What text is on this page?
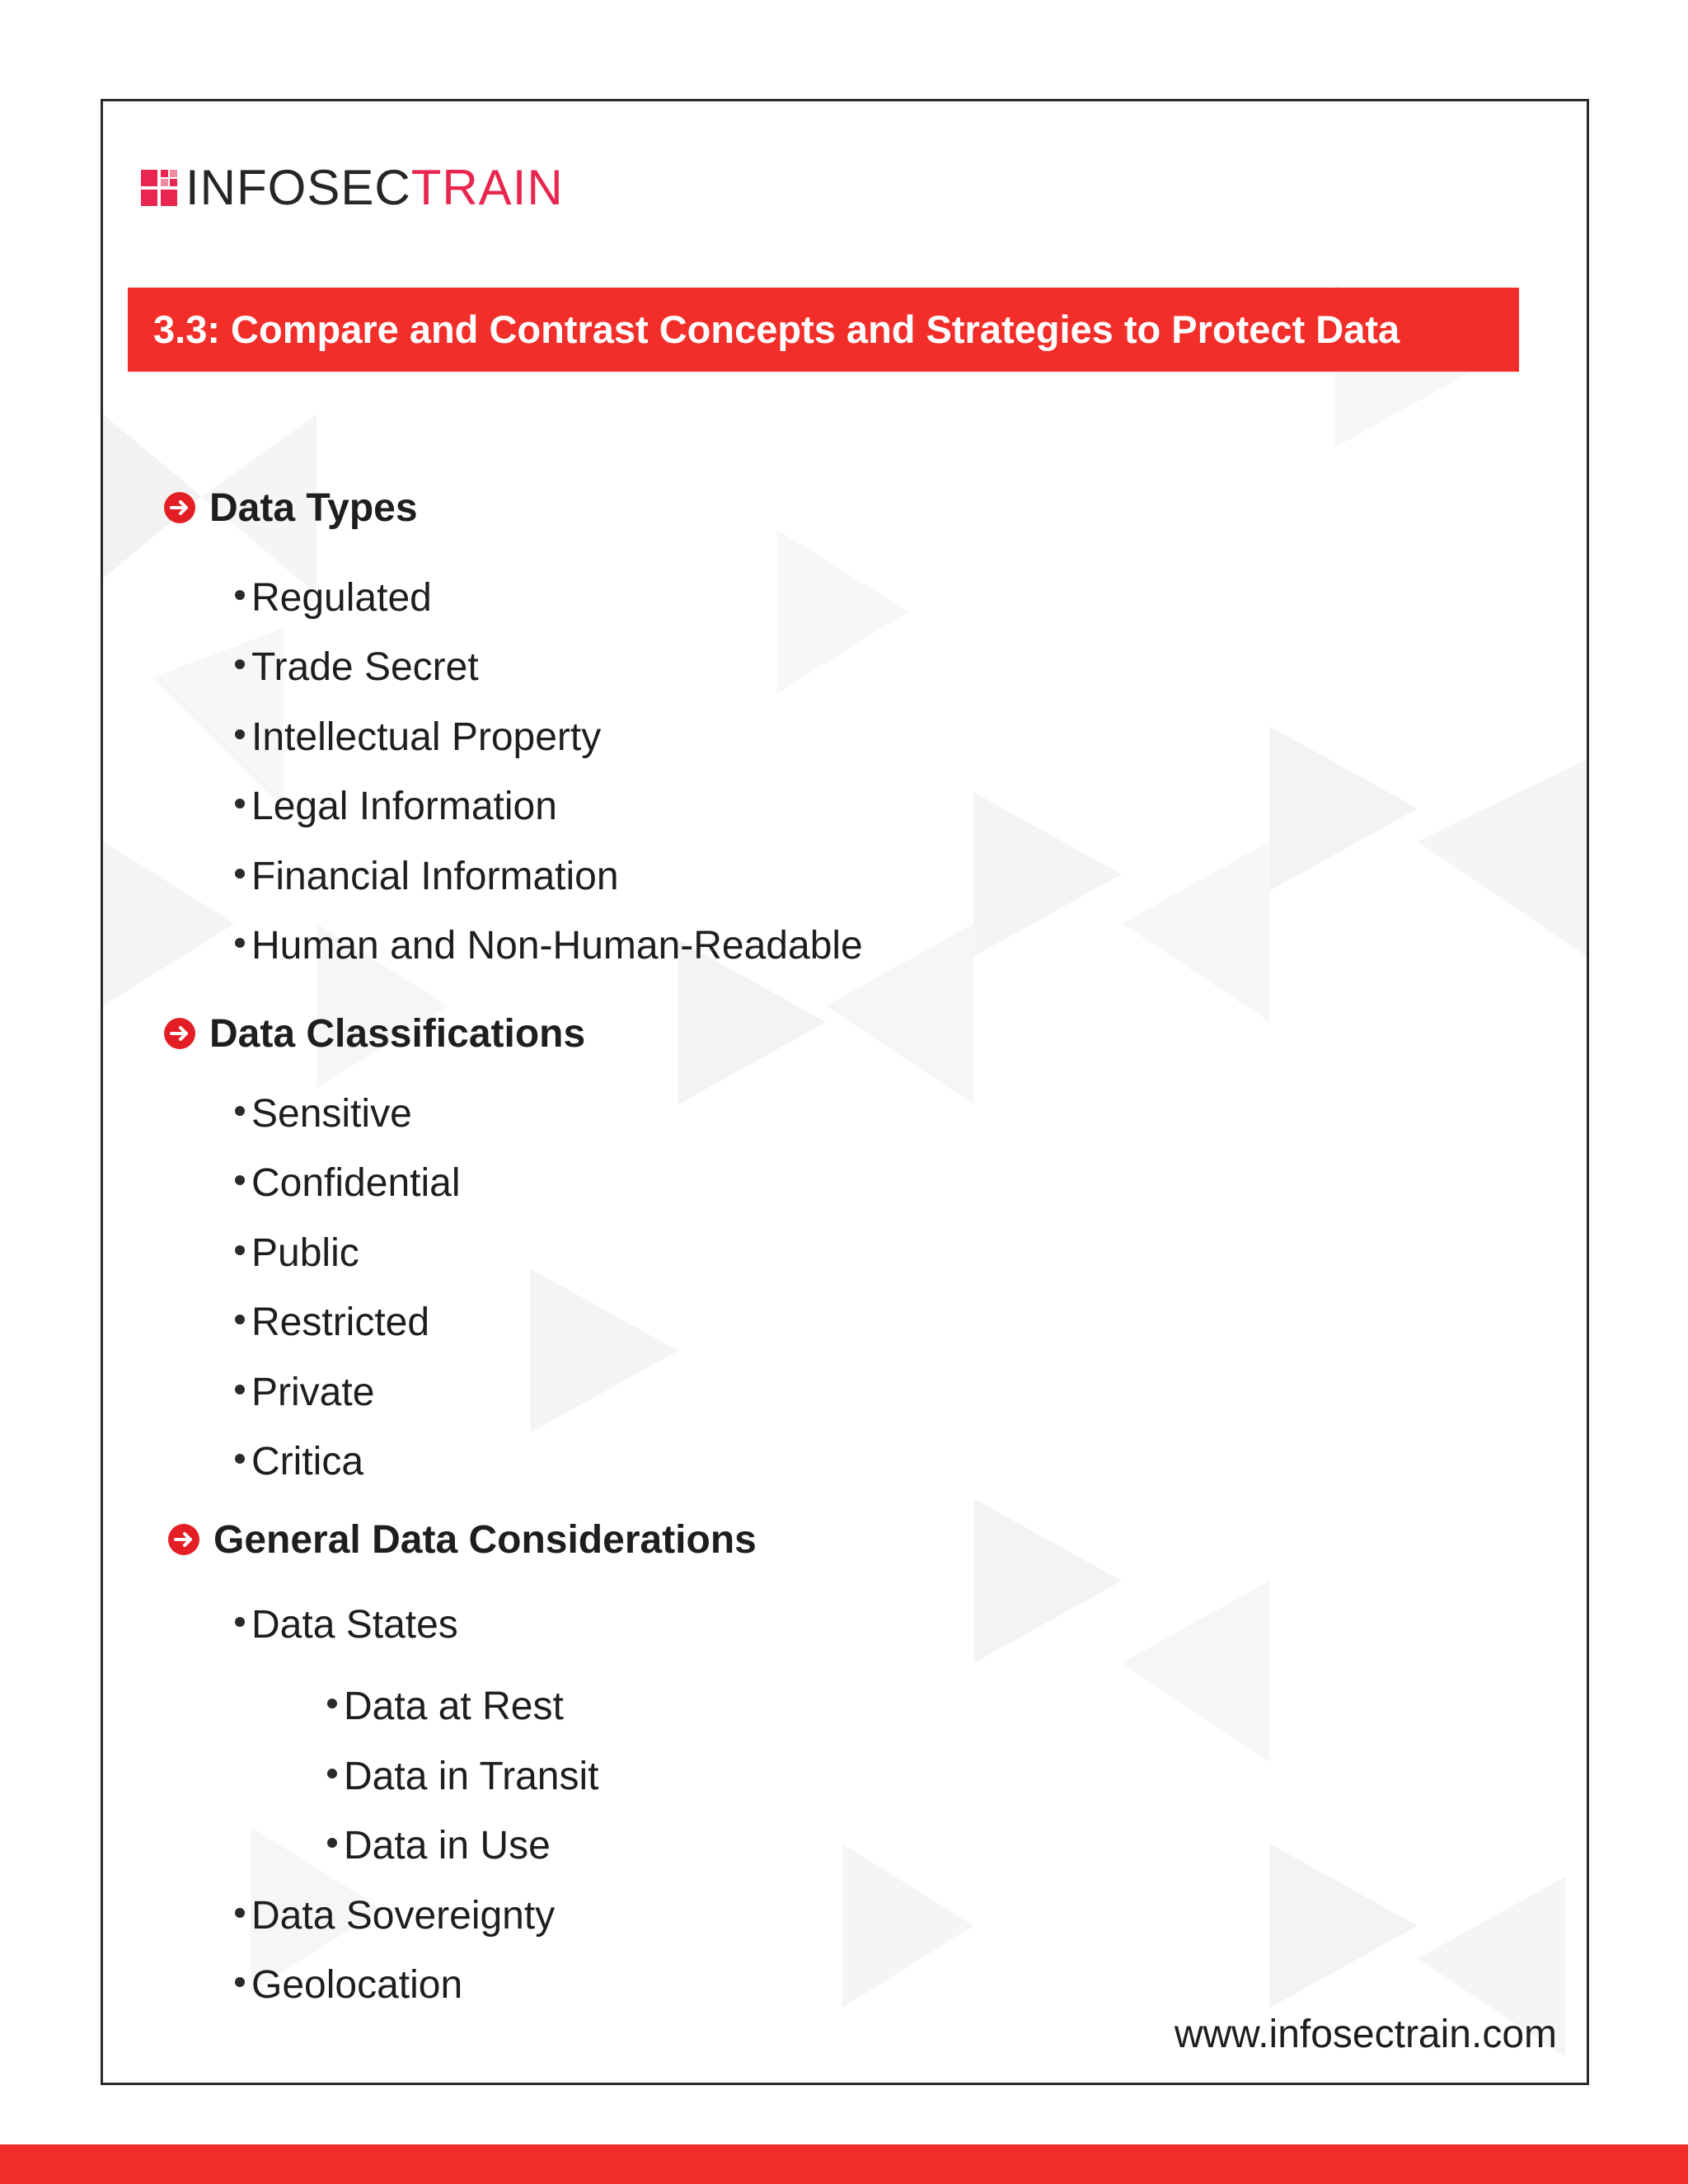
INFOSECTRAIN
3.3: Compare and Contrast Concepts and Strategies to Protect Data
Data Types
Regulated
Trade Secret
Intellectual Property
Legal Information
Financial Information
Human and Non-Human-Readable
Data Classifications
Sensitive
Confidential
Public
Restricted
Private
Critica
General Data Considerations
Data States
Data at Rest
Data in Transit
Data in Use
Data Sovereignty
Geolocation
www.infosectrain.com
